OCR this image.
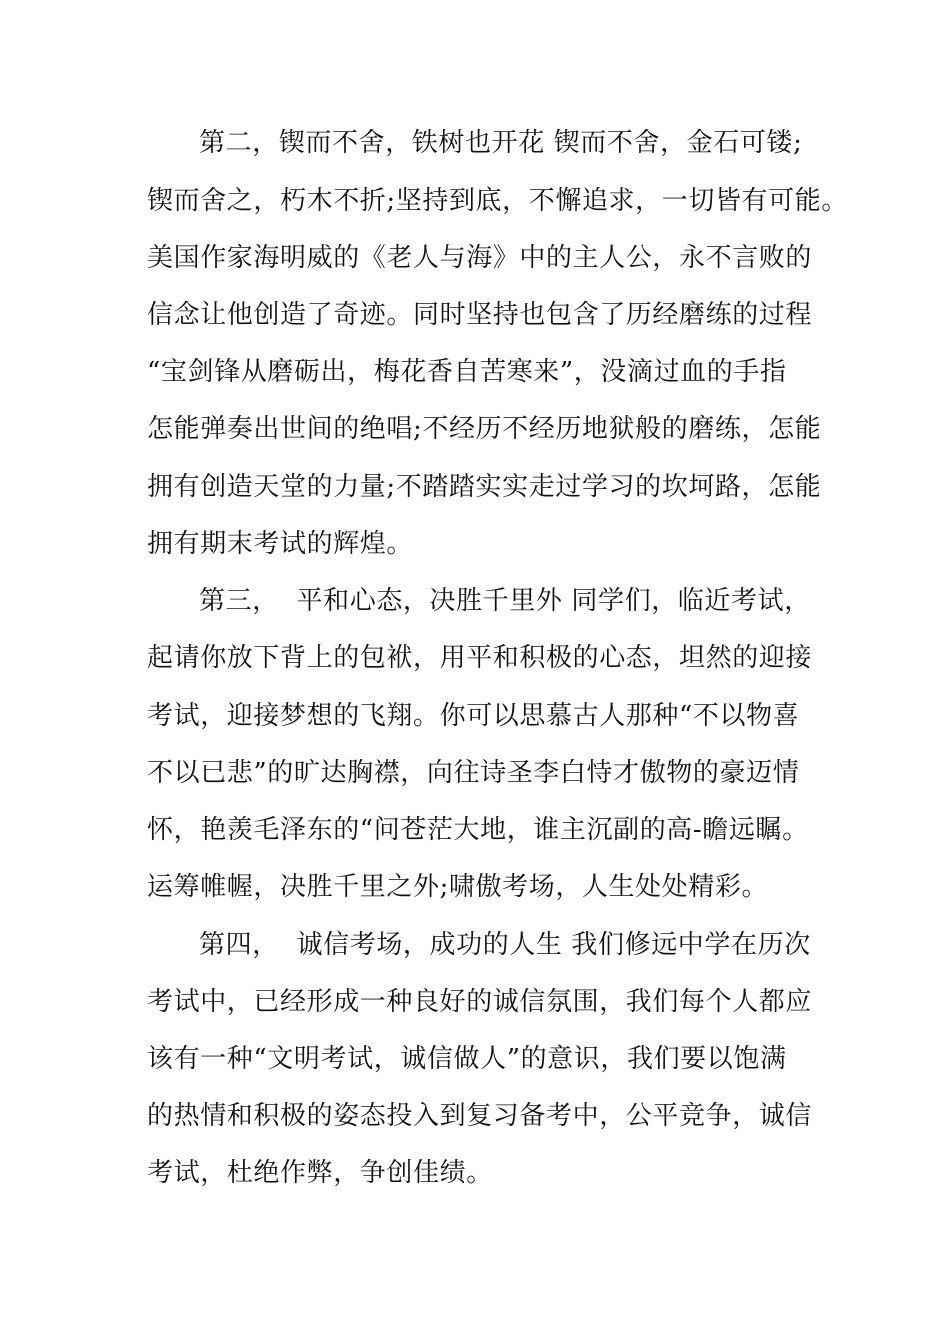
第二，锲而不舍，铁树也开花 锲而不舍，金石可镂;
锲而舍之，朽木不折;坚持到底，不懈追求，一切皆有可能。
美国作家海明威的《老人与海》中的主人公，永不言败的
信念让他创造了奇迹。同时坚持也包含了历经磨练的过程
“宝剑锋从磨砺出，梅花香自苦寒来”，没滴过血的手指
怎能弹奏出世间的绝唱;不经历不经历地狱般的磨练，怎能
拥有创造天堂的力量;不踏踏实实走过学习的坎坷路，怎能
拥有期末考试的辉煌。
第三，  平和心态，决胜千里外 同学们，临近考试，
起请你放下背上的包袱，用平和积极的心态，坦然的迎接
考试，迎接梦想的飞翔。你可以思慕古人那种“不以物喜
不以已悲”的旷达胸襟，向往诗圣李白恃才傲物的豪迈情
怀，艳羡毛泽东的“问苍茫大地，谁主沉副的高-瞻远瞩。
运筹帷幄，决胜千里之外;啸傲考场，人生处处精彩。
第四，  诚信考场，成功的人生 我们修远中学在历次
考试中，已经形成一种良好的诚信氛围，我们每个人都应
该有一种“文明考试，诚信做人”的意识，我们要以饱满
的热情和积极的姿态投入到复习备考中，公平竞争，诚信
考试，杜绝作弊，争创佳绩。
